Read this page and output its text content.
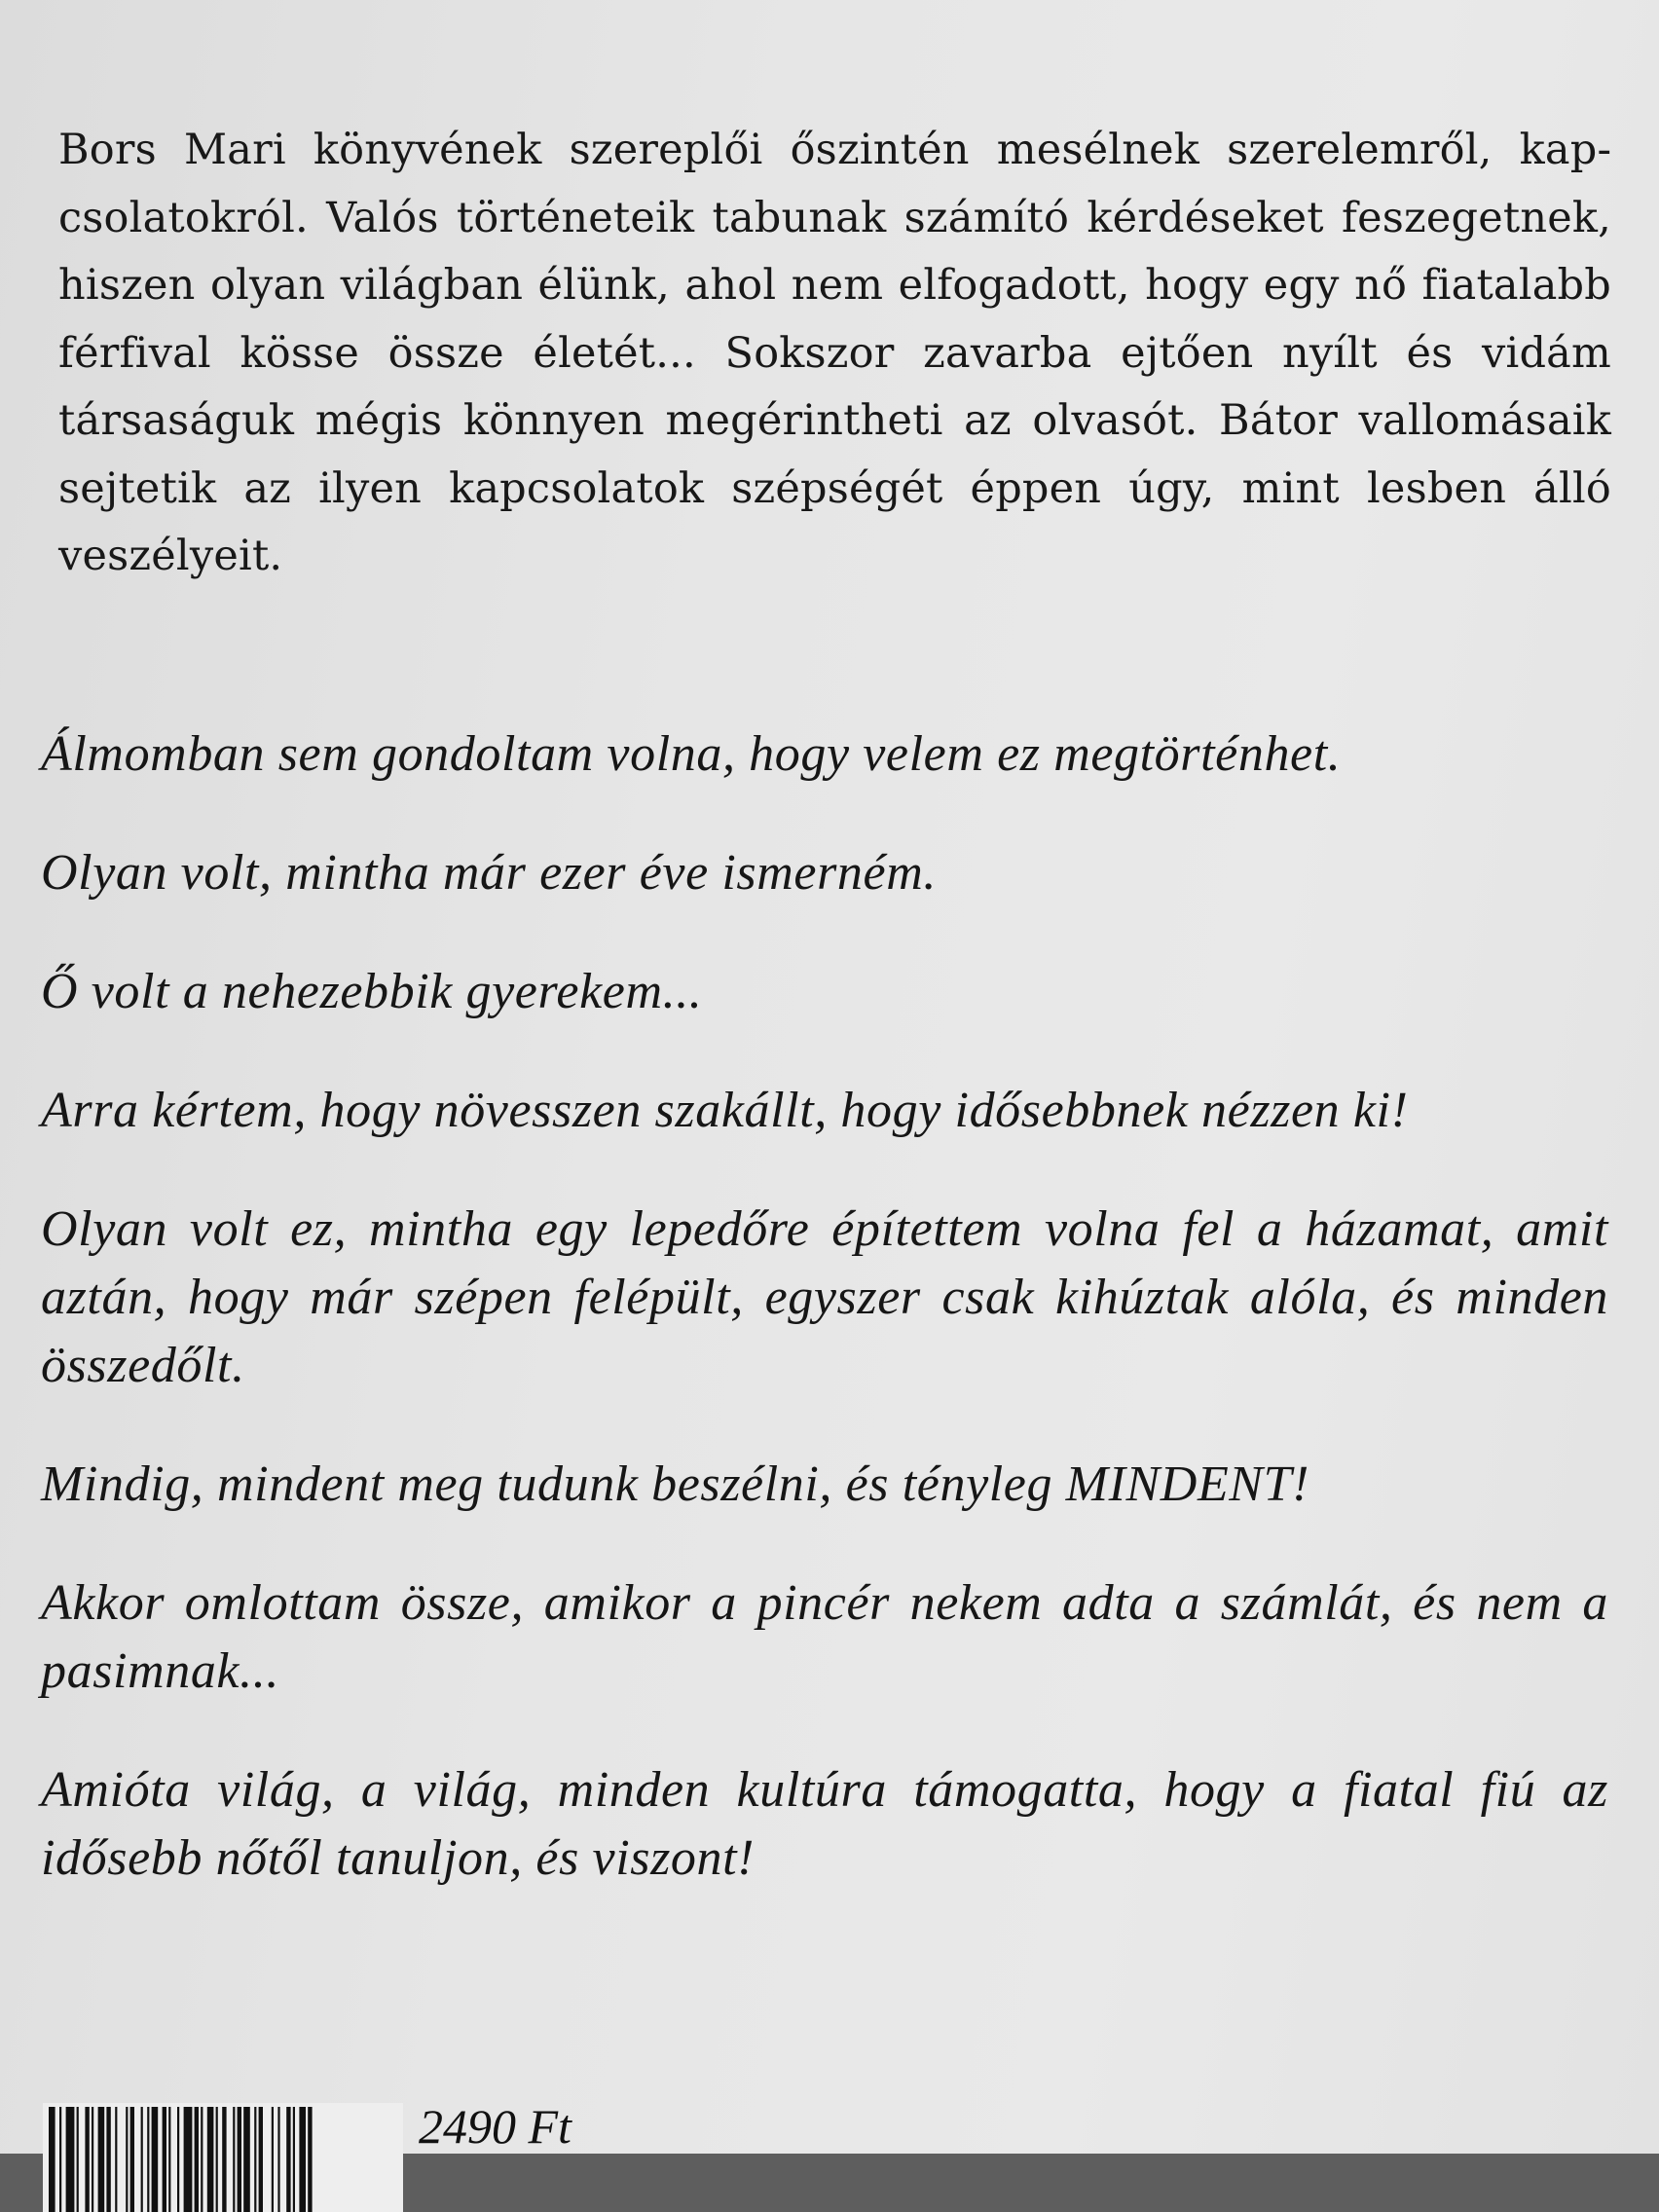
Bors Mari könyvének szereplői őszintén mesélnek szerelemről, kapcsolatokról. Valós történeteik tabunak számító kérdéseket feszegetnek, hiszen olyan világban élünk, ahol nem elfogadott, hogy egy nő fiatalabb férfival kösse össze életét... Sokszor zavarba ejtően nyílt és vidám társaságuk mégis könnyen megérintheti az olvasót. Bátor vallomásaik sejtetik az ilyen kapcsolatok szépségét éppen úgy, mint lesben álló veszélyeit.

Álmomban sem gondoltam volna, hogy velem ez megtörténhet.

Olyan volt, mintha már ezer éve ismerném.

Ő volt a nehezebbik gyerekem...

Arra kértem, hogy növesszen szakállt, hogy idősebbnek nézzen ki!

Olyan volt ez, mintha egy lepedőre építettem volna fel a házamat, amit aztán, hogy már szépen felépült, egyszer csak kihúztak alóla, és minden összedőlt.

Mindig, mindent meg tudunk beszélni, és tényleg MINDENT!

Akkor omlottam össze, amikor a pincér nekem adta a számlát, és nem a pasimnak...

Amióta világ, a világ, minden kultúra támogatta, hogy a fiatal fiú az idősebb nőtől tanuljon, és viszont!

2490 Ft
